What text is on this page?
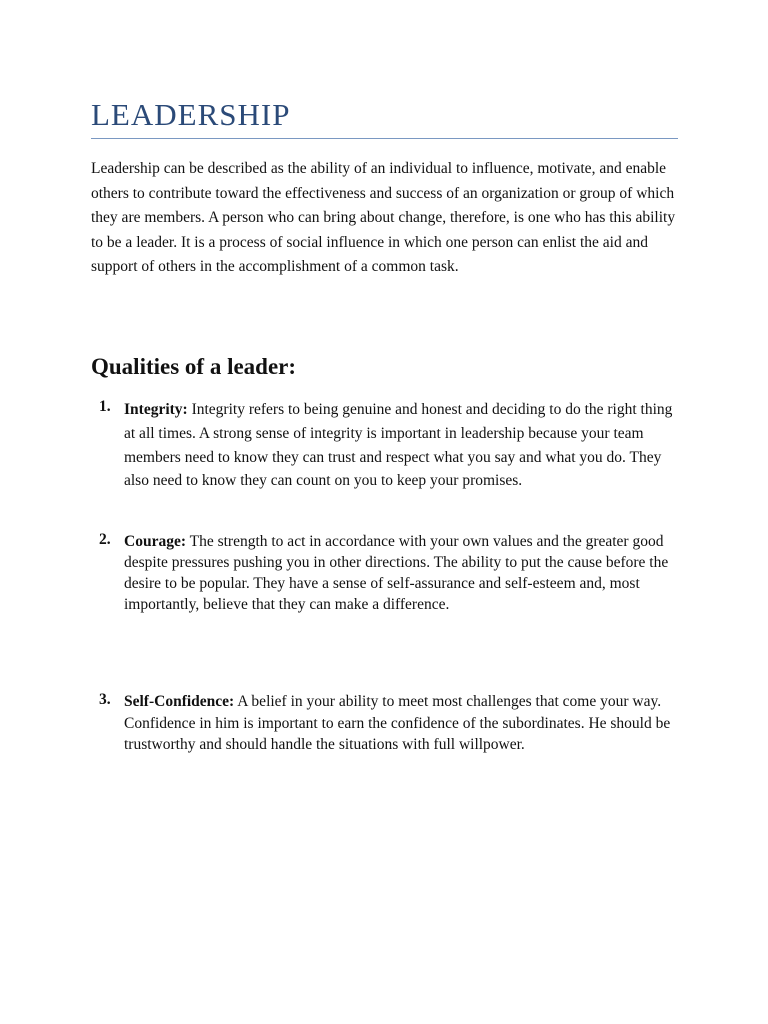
LEADERSHIP

Leadership can be described as the ability of an individual to influence, motivate, and enable others to contribute toward the effectiveness and success of an organization or group of which they are members. A person who can bring about change, therefore, is one who has this ability to be a leader. It is a process of social influence in which one person can enlist the aid and support of others in the accomplishment of a common task.

Qualities of a leader:
1. Integrity: Integrity refers to being genuine and honest and deciding to do the right thing at all times. A strong sense of integrity is important in leadership because your team members need to know they can trust and respect what you say and what you do. They also need to know they can count on you to keep your promises.
2. Courage: The strength to act in accordance with your own values and the greater good despite pressures pushing you in other directions. The ability to put the cause before the desire to be popular. They have a sense of self-assurance and self-esteem and, most importantly, believe that they can make a difference.
3. Self-Confidence: A belief in your ability to meet most challenges that come your way. Confidence in him is important to earn the confidence of the subordinates. He should be trustworthy and should handle the situations with full willpower.
